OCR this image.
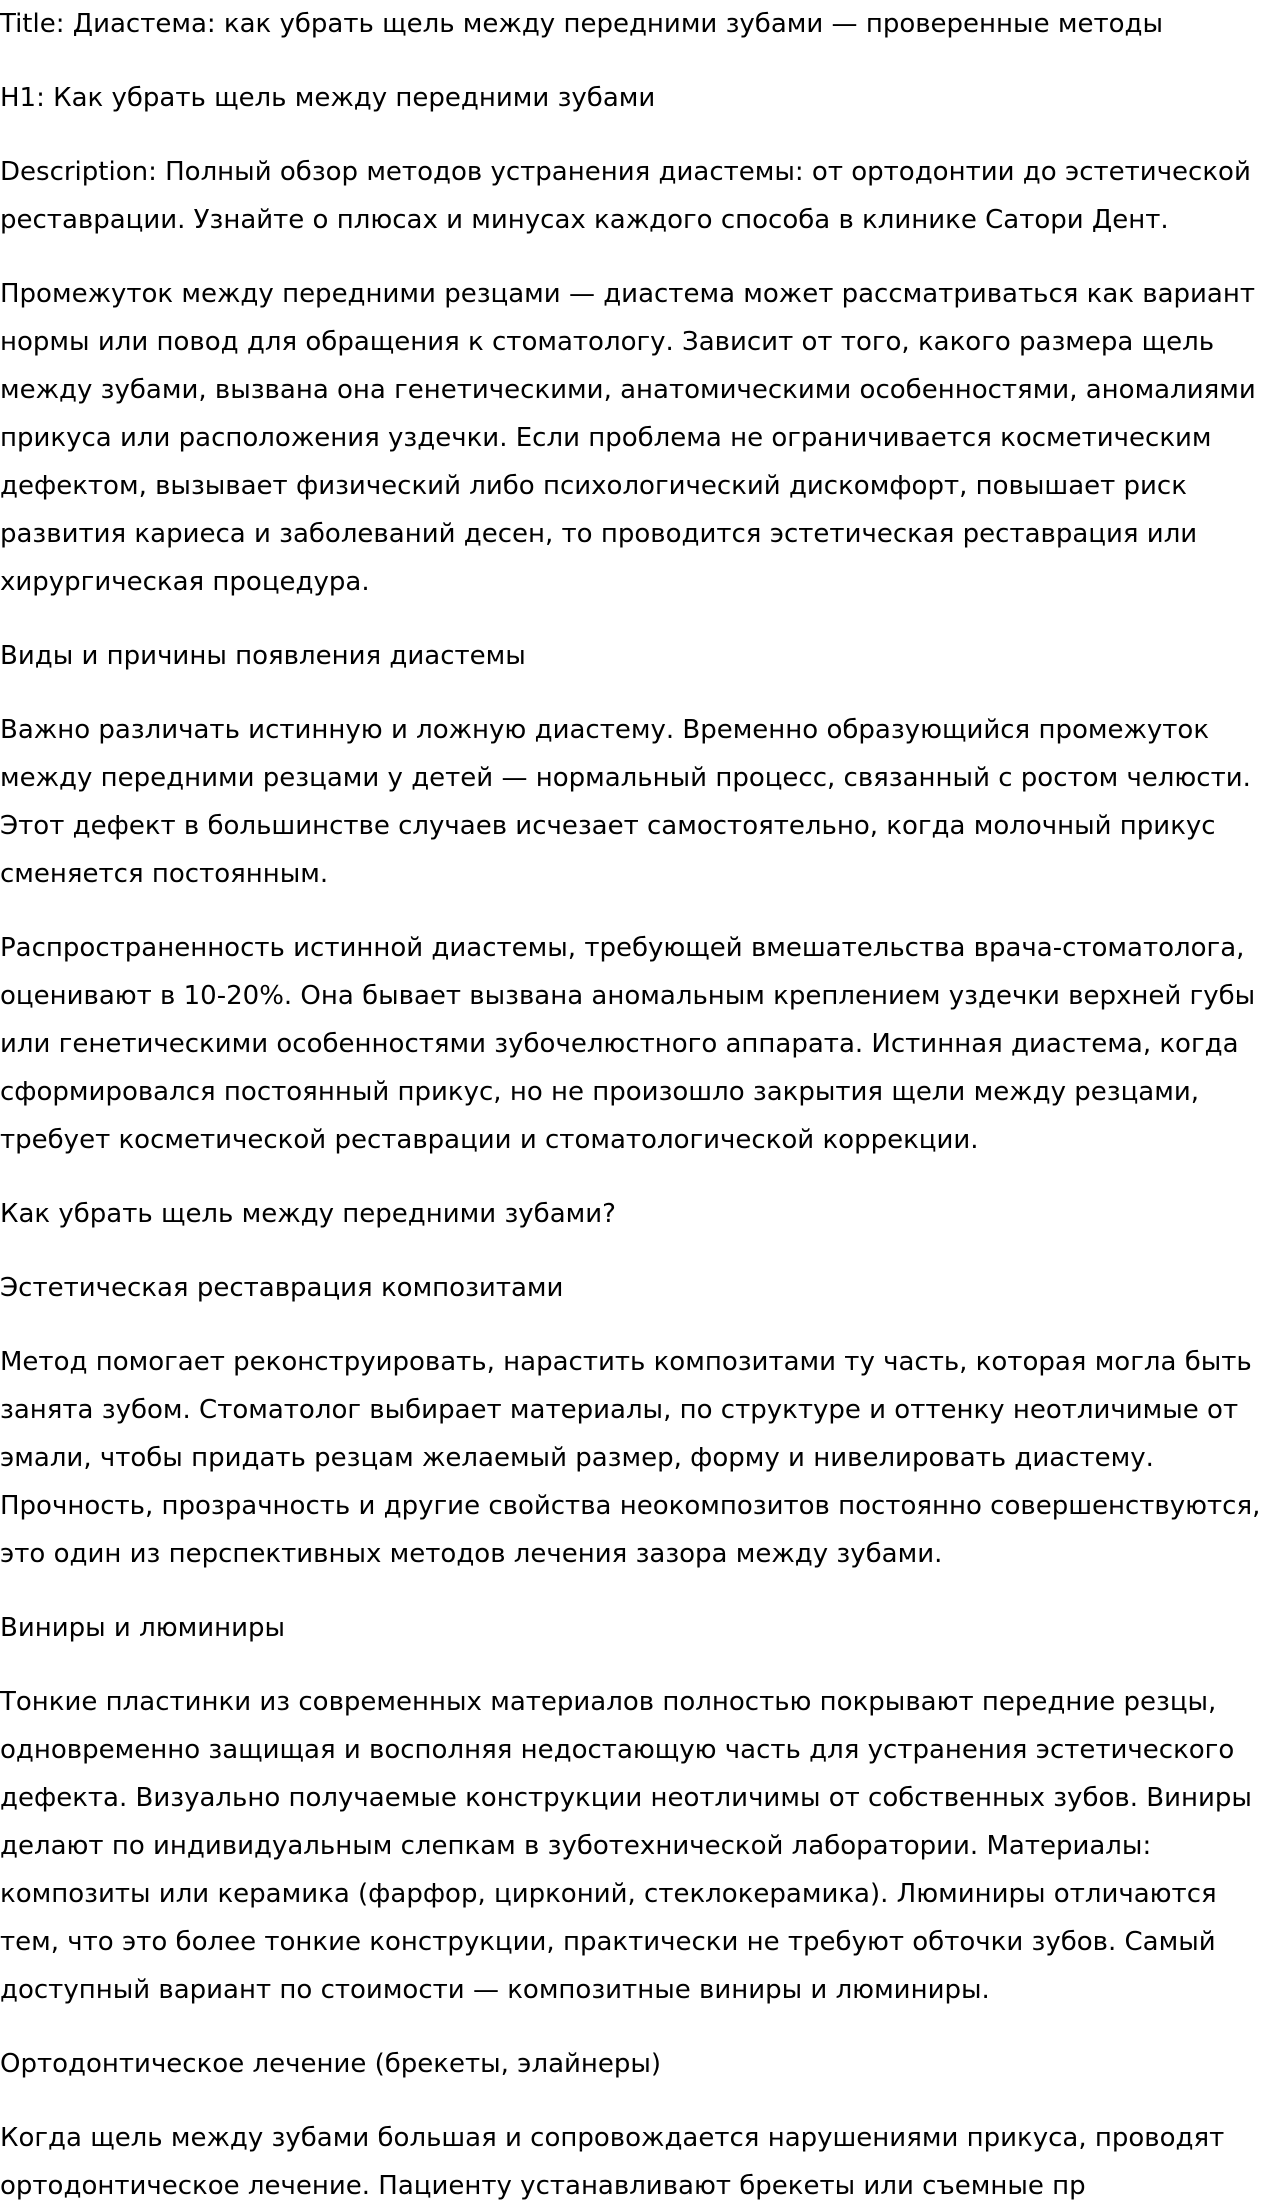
Title: Диастема: как убрать щель между передними зубами — проверенные методы
H1: Как убрать щель между передними зубами
Description: Полный обзор методов устранения диастемы: от ортодонтии до эстетической
реставрации. Узнайте о плюсах и минусах каждого способа в клинике Сатори Дент.
Промежуток между передними резцами — диастема может рассматриваться как вариант
нормы или повод для обращения к стоматологу. Зависит от того, какого размера щель
между зубами, вызвана она генетическими, анатомическими особенностями, аномалиями
прикуса или расположения уздечки. Если проблема не ограничивается косметическим
дефектом, вызывает физический либо психологический дискомфорт, повышает риск
развития кариеса и заболеваний десен, то проводится эстетическая реставрация или
хирургическая процедура.
Виды и причины появления диастемы
Важно различать истинную и ложную диастему. Временно образующийся промежуток
между передними резцами у детей — нормальный процесс, связанный с ростом челюсти.
Этот дефект в большинстве случаев исчезает самостоятельно, когда молочный прикус
сменяется постоянным.
Распространенность истинной диастемы, требующей вмешательства врача-стоматолога,
оценивают в 10-20%. Она бывает вызвана аномальным креплением уздечки верхней губы
или генетическими особенностями зубочелюстного аппарата. Истинная диастема, когда
сформировался постоянный прикус, но не произошло закрытия щели между резцами,
требует косметической реставрации и стоматологической коррекции.
Как убрать щель между передними зубами?
Эстетическая реставрация композитами
Метод помогает реконструировать, нарастить композитами ту часть, которая могла быть
занята зубом. Стоматолог выбирает материалы, по структуре и оттенку неотличимые от
эмали, чтобы придать резцам желаемый размер, форму и нивелировать диастему.
Прочность, прозрачность и другие свойства неокомпозитов постоянно совершенствуются,
это один из перспективных методов лечения зазора между зубами.
Виниры и люминиры
Тонкие пластинки из современных материалов полностью покрывают передние резцы,
одновременно защищая и восполняя недостающую часть для устранения эстетического
дефекта. Визуально получаемые конструкции неотличимы от собственных зубов. Виниры
делают по индивидуальным слепкам в зуботехнической лаборатории. Материалы:
композиты или керамика (фарфор, цирконий, стеклокерамика). Люминиры отличаются
тем, что это более тонкие конструкции, практически не требуют обточки зубов. Самый
доступный вариант по стоимости — композитные виниры и люминиры.
Ортодонтическое лечение (брекеты, элайнеры)
Когда щель между зубами большая и сопровождается нарушениями прикуса, проводят
ортодонтическое лечение. Пациенту устанавливают брекеты или съемные пр
